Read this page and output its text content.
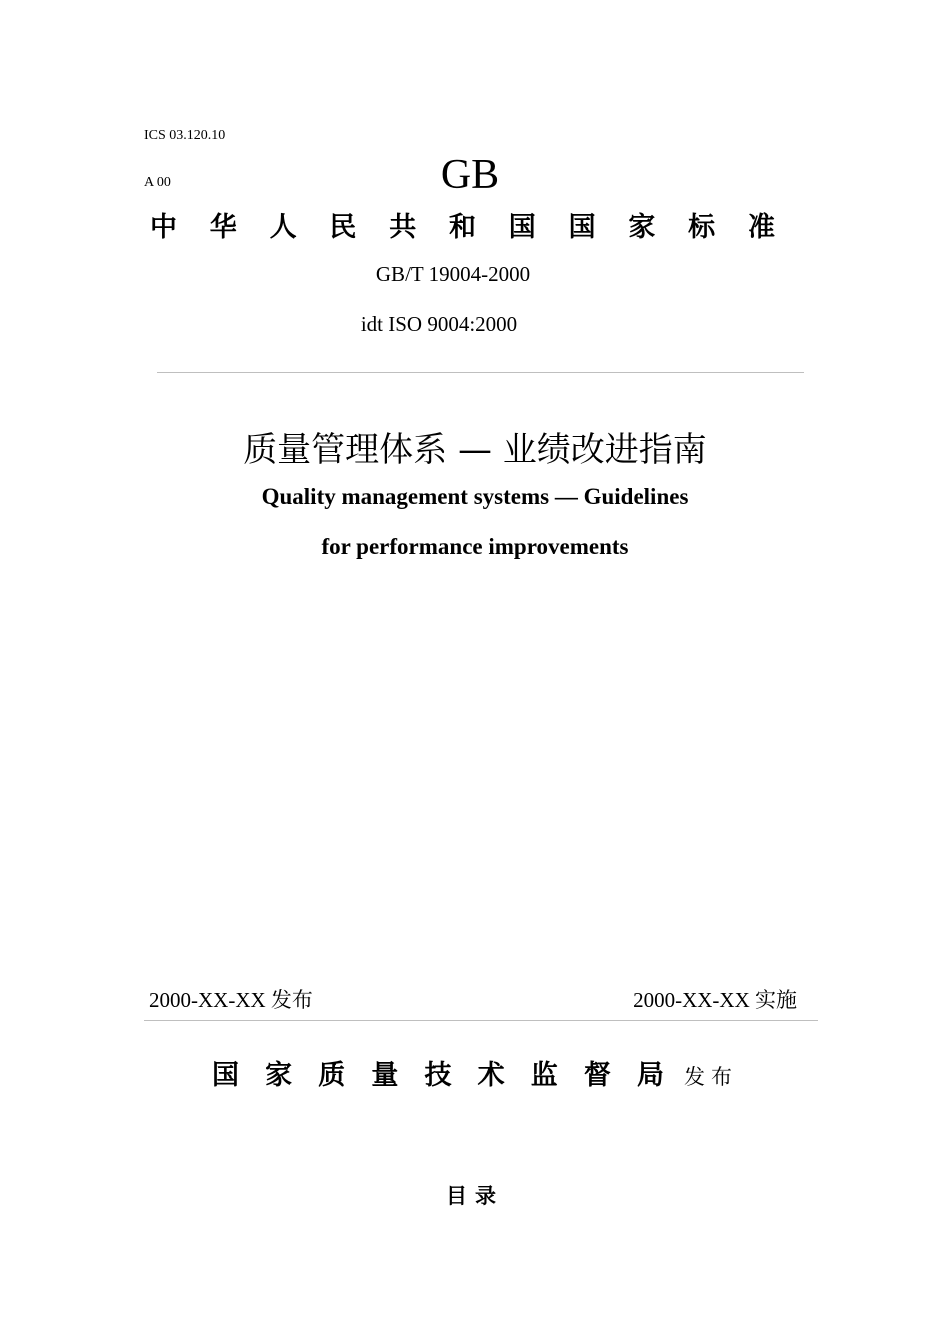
ICS 03.120.10
A 00	GB
中 华 人 民 共 和 国 国 家 标 准
GB/T 19004-2000
idt ISO 9004:2000
质量管理体系 — 业绩改进指南
Quality management systems — Guidelines
for performance improvements
2000-XX-XX 发布	2000-XX-XX 实施
国 家 质 量 技 术 监 督 局 发布
目录
